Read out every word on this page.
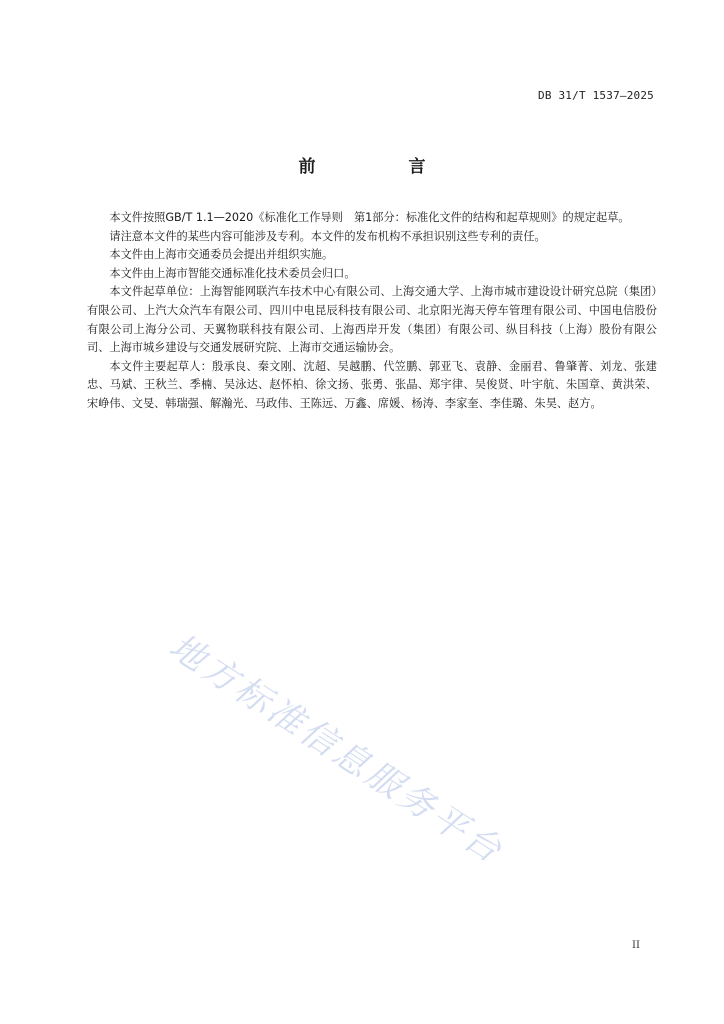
DB 31/T 1537—2025
前　言

本文件按照GB/T 1.1—2020《标准化工作导则　第1部分：标准化文件的结构和起草规则》的规定起草。

请注意本文件的某些内容可能涉及专利。本文件的发布机构不承担识别这些专利的责任。

本文件由上海市交通委员会提出并组织实施。

本文件由上海市智能交通标准化技术委员会归口。

本文件起草单位：上海智能网联汽车技术中心有限公司、上海交通大学、上海市城市建设设计研究总院（集团）有限公司、上汽大众汽车有限公司、四川中电昆辰科技有限公司、北京阳光海天停车管理有限公司、中国电信股份有限公司上海分公司、天翼物联科技有限公司、上海西岸开发（集团）有限公司、纵目科技（上海）股份有限公司、上海市城乡建设与交通发展研究院、上海市交通运输协会。

本文件主要起草人：殷承良、秦文刚、沈超、吴越鹏、代笠鹏、郭亚飞、袁静、金丽君、鲁肇菁、刘龙、张建忠、马斌、王秋兰、季楠、吴泳达、赵怀柏、徐文扬、张勇、张晶、郑宇律、吴俊贤、叶宇航、朱国章、黄洪荣、宋峥伟、文旻、韩瑞强、解瀚光、马政伟、王陈远、万鑫、席媛、杨涛、李家奎、李佳璐、朱昊、赵方。

地方标准信息服务平台
II
